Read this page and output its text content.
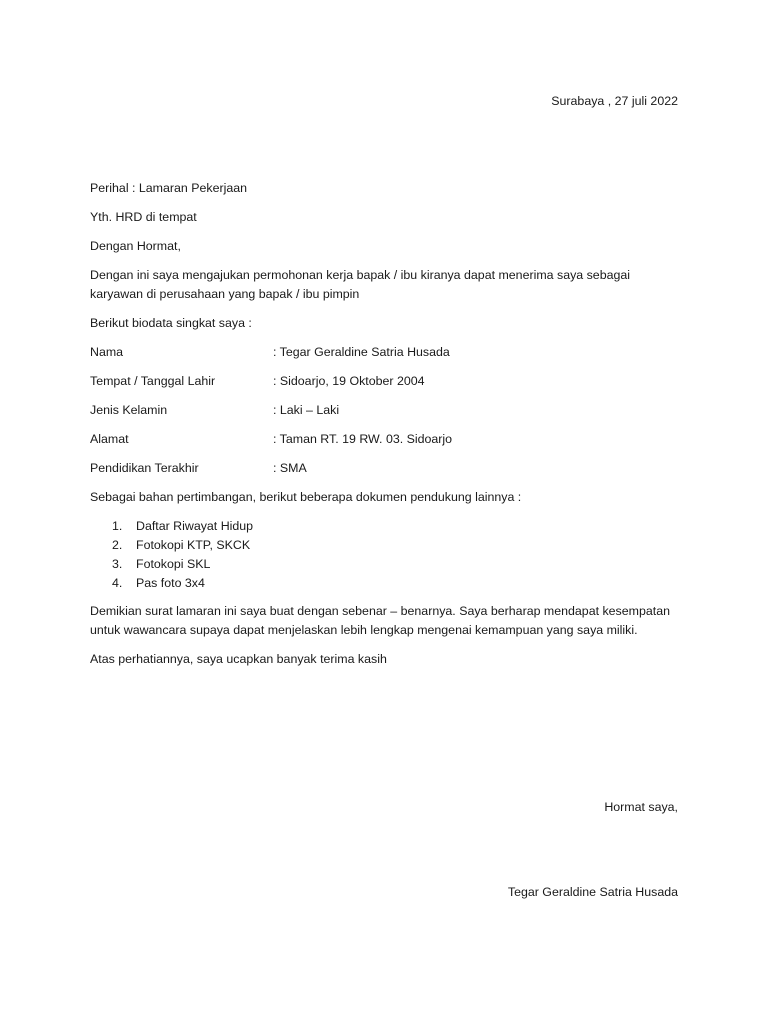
Surabaya , 27 juli 2022
Perihal : Lamaran Pekerjaan
Yth. HRD di tempat
Dengan Hormat,
Dengan ini saya mengajukan permohonan kerja bapak / ibu kiranya dapat menerima saya sebagai
karyawan di perusahaan yang bapak / ibu pimpin
Berikut biodata singkat saya :
Nama	: Tegar Geraldine Satria Husada
Tempat / Tanggal Lahir	: Sidoarjo, 19 Oktober 2004
Jenis Kelamin	: Laki – Laki
Alamat	: Taman RT. 19 RW. 03. Sidoarjo
Pendidikan Terakhir	: SMA
Sebagai bahan pertimbangan, berikut beberapa dokumen pendukung lainnya :
1. Daftar Riwayat Hidup
2. Fotokopi KTP, SKCK
3. Fotokopi SKL
4. Pas foto 3x4
Demikian surat lamaran ini saya buat dengan sebenar – benarnya. Saya berharap mendapat kesempatan
untuk wawancara supaya dapat menjelaskan lebih lengkap mengenai kemampuan yang saya miliki.
Atas perhatiannya, saya ucapkan banyak terima kasih
Hormat saya,
Tegar Geraldine Satria Husada
